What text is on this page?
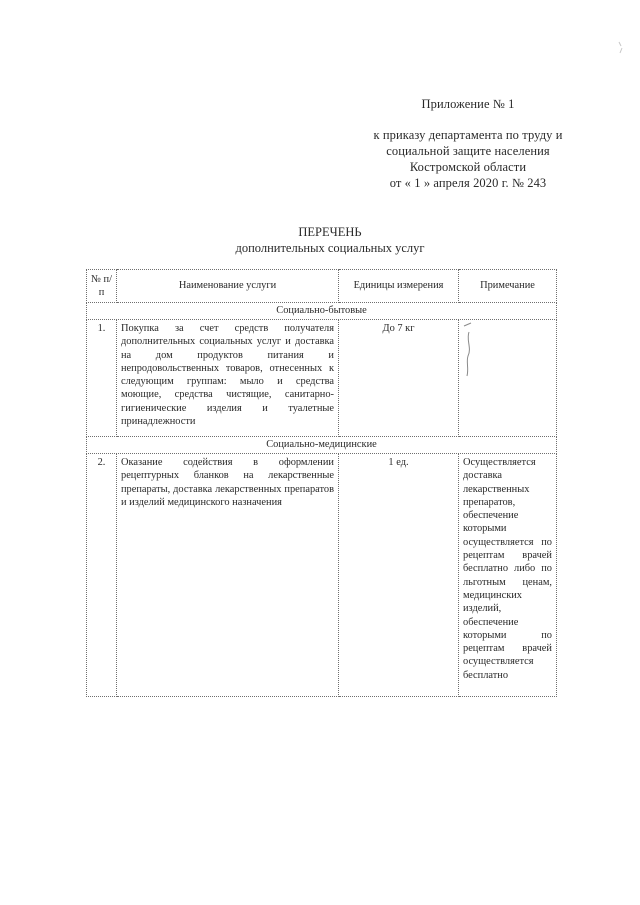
Приложение № 1
к приказу департамента по труду и
социальной защите населения
Костромской области
от « 1 » апреля 2020 г. № 243
ПЕРЕЧЕНЬ
дополнительных социальных услуг
№ п/п	Наименование услуги	Единицы измерения	Примечание
Социально-бытовые			
1.	Покупка за счет средств получателя дополнительных социальных услуг и доставка на дом продуктов питания и непродовольственных товаров, отнесенных к следующим группам: мыло и средства моющие, средства чистящие, санитарно-гигиенические изделия и туалетные принадлежности	До 7 кг	
Социально-медицинские			
2.	Оказание содействия в оформлении рецептурных бланков на лекарственные препараты, доставка лекарственных препаратов и изделий медицинского назначения	1 ед.	Осуществляется доставка лекарственных препаратов, обеспечение которыми осуществляется по рецептам врачей бесплатно либо по льготным ценам, медицинских изделий, обеспечение которыми по рецептам врачей осуществляется бесплатно
